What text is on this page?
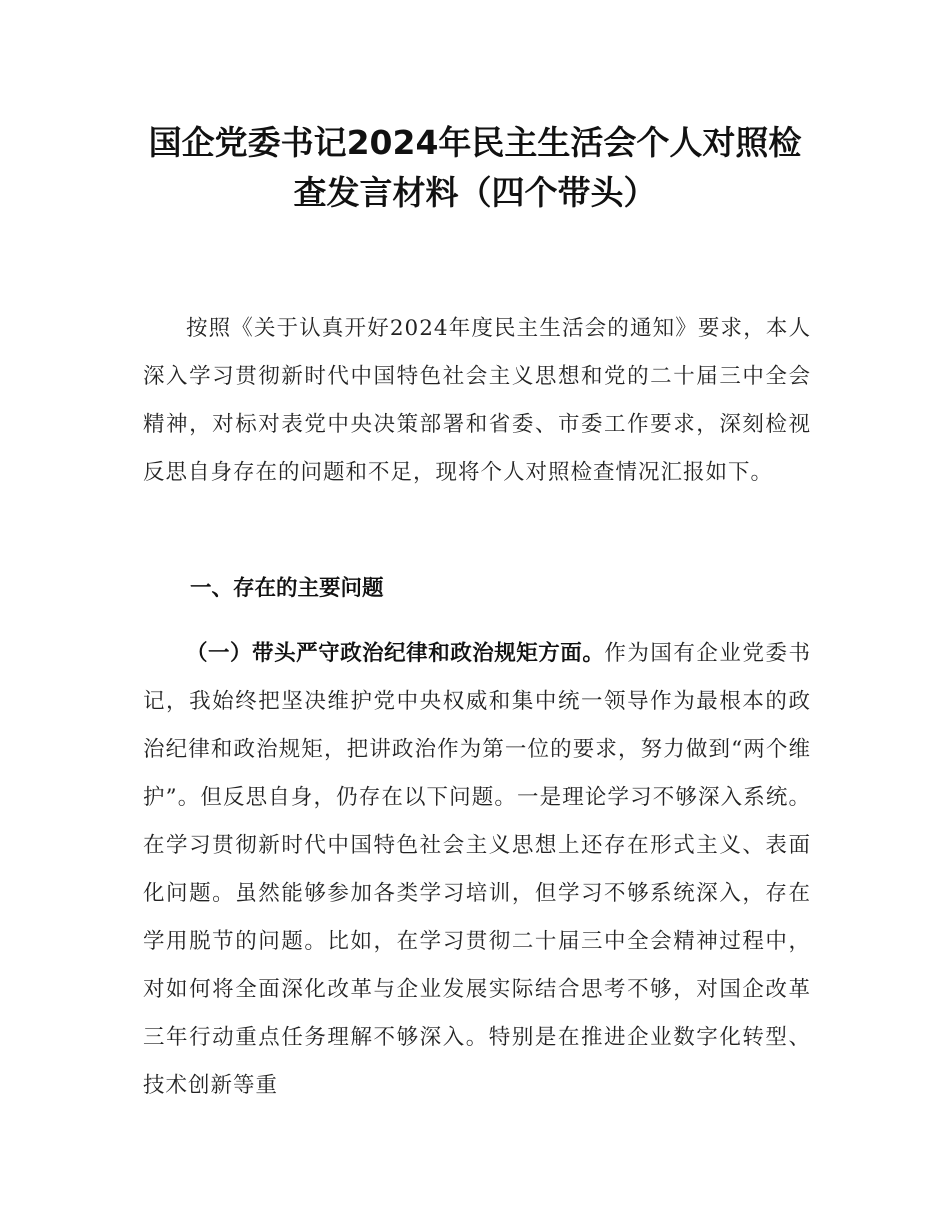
国企党委书记2024年民主生活会个人对照检
查发言材料（四个带头）

按照《关于认真开好2024年度民主生活会的通知》要求，本人深入学习贯彻新时代中国特色社会主义思想和党的二十届三中全会精神，对标对表党中央决策部署和省委、市委工作要求，深刻检视反思自身存在的问题和不足，现将个人对照检查情况汇报如下。

一、存在的主要问题

（一）带头严守政治纪律和政治规矩方面。作为国有企业党委书记，我始终把坚决维护党中央权威和集中统一领导作为最根本的政治纪律和政治规矩，把讲政治作为第一位的要求，努力做到“两个维护”。但反思自身，仍存在以下问题。一是理论学习不够深入系统。在学习贯彻新时代中国特色社会主义思想上还存在形式主义、表面化问题。虽然能够参加各类学习培训，但学习不够系统深入，存在学用脱节的问题。比如，在学习贯彻二十届三中全会精神过程中，对如何将全面深化改革与企业发展实际结合思考不够，对国企改革三年行动重点任务理解不够深入。特别是在推进企业数字化转型、技术创新等重
